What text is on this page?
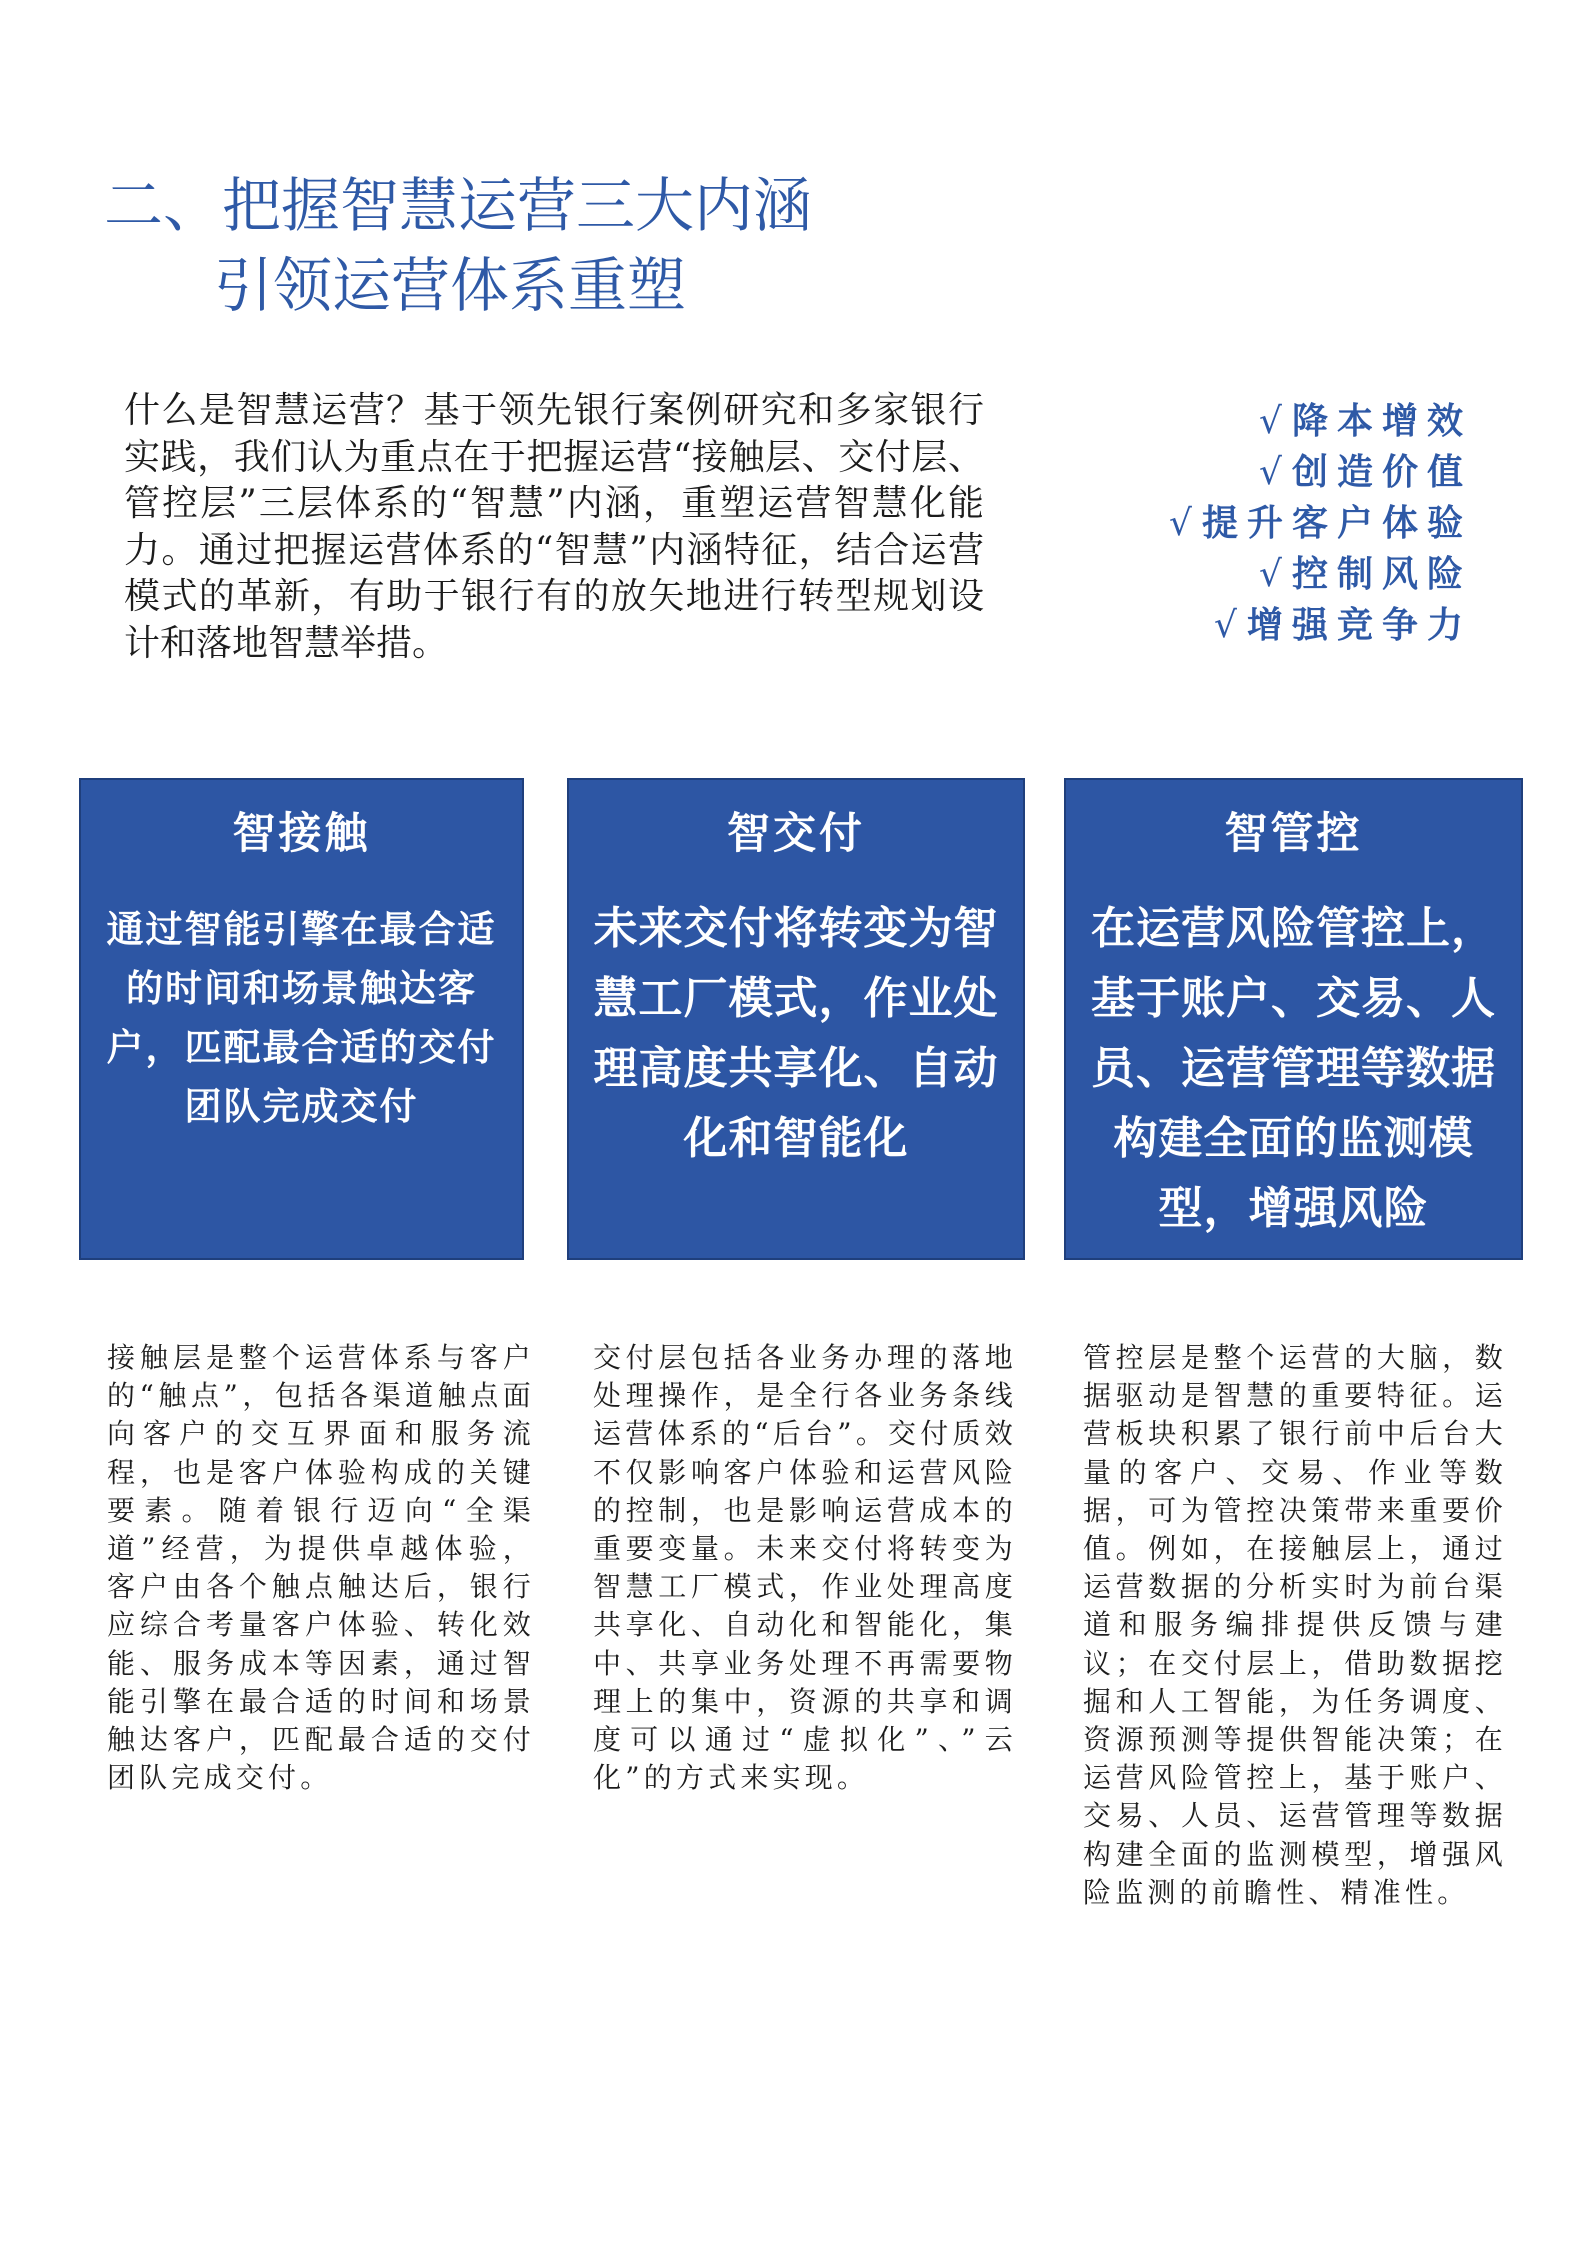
二、把握智慧运营三大内涵
引领运营体系重塑

什么是智慧运营？基于领先银行案例研究和多家银行实践，我们认为重点在于把握运营“接触层、交付层、管控层”三层体系的“智慧”内涵，重塑运营智慧化能力。通过把握运营体系的“智慧”内涵特征，结合运营模式的革新，有助于银行有的放矢地进行转型规划设计和落地智慧举措。

√ 降本增效
√ 创造价值
√ 提升客户体验
√ 控制风险
√ 增强竞争力
智接触
通过智能引擎在最合适的时间和场景触达客户，匹配最合适的交付团队完成交付
智交付
未来交付将转变为智慧工厂模式，作业处理高度共享化、自动化和智能化
智管控
在运营风险管控上，基于账户、交易、人员、运营管理等数据构建全面的监测模型，增强风险

接触层是整个运营体系与客户的“触点”，包括各渠道触点面向客户的交互界面和服务流程，也是客户体验构成的关键要素。随着银行迈向“全渠道”经营，为提供卓越体验，客户由各个触点触达后，银行应综合考量客户体验、转化效能、服务成本等因素，通过智能引擎在最合适的时间和场景触达客户，匹配最合适的交付团队完成交付。

交付层包括各业务办理的落地处理操作，是全行各业务条线运营体系的“后台”。交付质效不仅影响客户体验和运营风险的控制，也是影响运营成本的重要变量。未来交付将转变为智慧工厂模式，作业处理高度共享化、自动化和智能化，集中、共享业务处理不再需要物理上的集中，资源的共享和调度可以通过“虚拟化”、”云化”的方式来实现。

管控层是整个运营的大脑，数据驱动是智慧的重要特征。运营板块积累了银行前中后台大量的客户、交易、作业等数据，可为管控决策带来重要价值。例如，在接触层上，通过运营数据的分析实时为前台渠道和服务编排提供反馈与建议；在交付层上，借助数据挖掘和人工智能，为任务调度、资源预测等提供智能决策；在运营风险管控上，基于账户、交易、人员、运营管理等数据构建全面的监测模型，增强风险监测的前瞻性、精准性。
